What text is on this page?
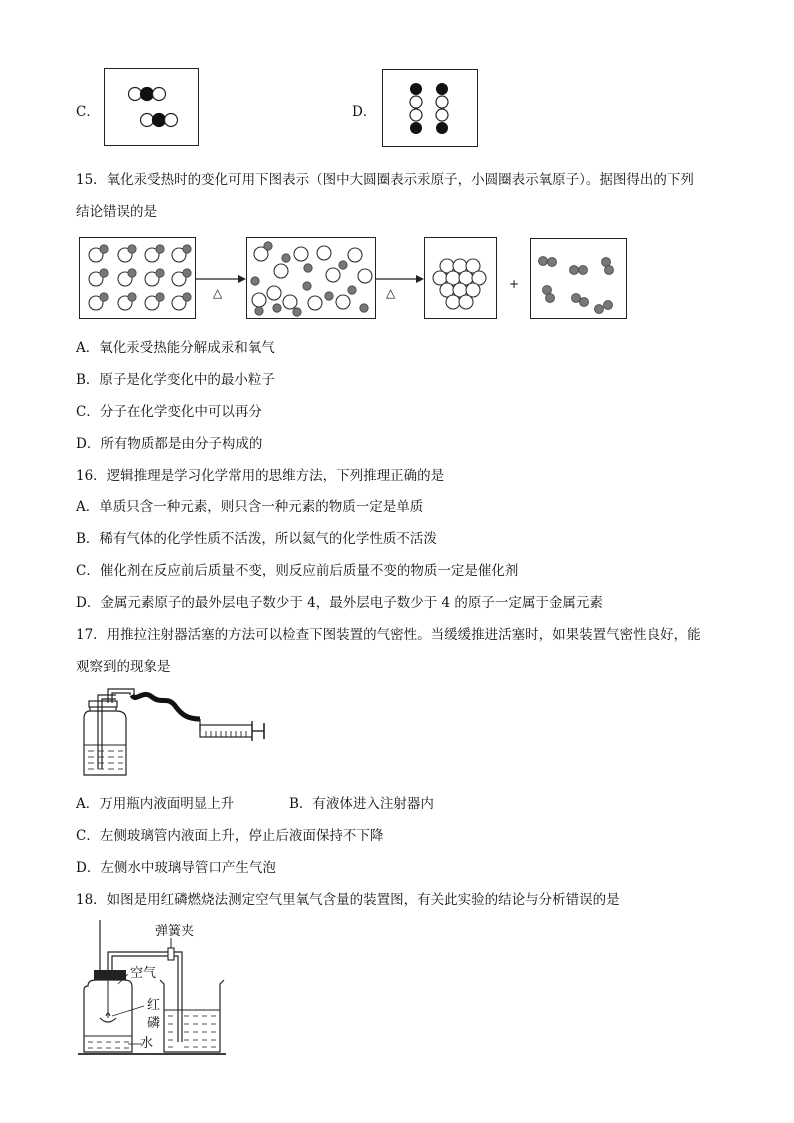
C．	D．
15．氧化汞受热时的变化可用下图表示（图中大圆圈表示汞原子，小圆圈表示氧原子）。据图得出的下列
结论错误的是
△	△
+
A．氧化汞受热能分解成汞和氧气
B．原子是化学变化中的最小粒子
C．分子在化学变化中可以再分
D．所有物质都是由分子构成的
16．逻辑推理是学习化学常用的思维方法，下列推理正确的是
A．单质只含一种元素，则只含一种元素的物质一定是单质
B．稀有气体的化学性质不活泼，所以氦气的化学性质不活泼
C．催化剂在反应前后质量不变，则反应前后质量不变的物质一定是催化剂
D．金属元素原子的最外层电子数少于 4，最外层电子数少于 4 的原子一定属于金属元素
17．用推拉注射器活塞的方法可以检查下图装置的气密性。当缓缓推进活塞时，如果装置气密性良好，能
观察到的现象是
A．万用瓶内液面明显上升	B．有液体进入注射器内
C．左侧玻璃管内液面上升，停止后液面保持不下降
D．左侧水中玻璃导管口产生气泡
18．如图是用红磷燃烧法测定空气里氧气含量的装置图，有关此实验的结论与分析错误的是
弹簧夹
空气
红
磷
水
